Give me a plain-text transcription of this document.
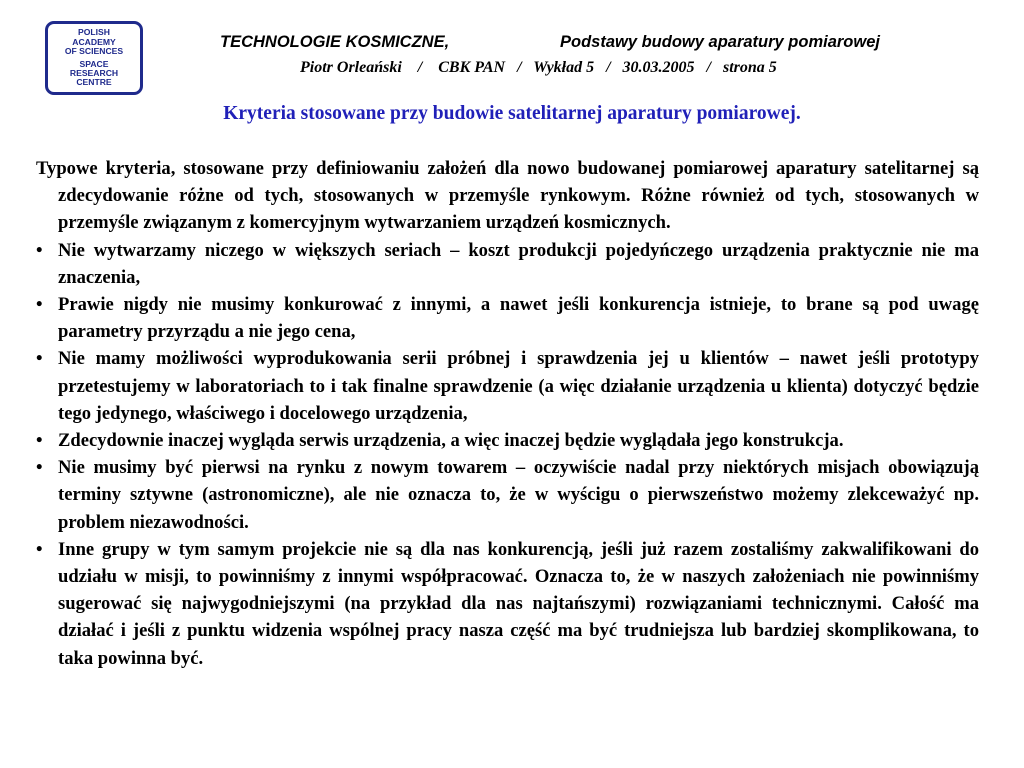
POLISH
ACADEMY
OF SCIENCES
SPACE
RESEARCH
CENTRE
TECHNOLOGIE KOSMICZNE,	Podstawy budowy aparatury pomiarowej
Piotr Orleański    /    CBK PAN   /   Wykład 5   /   30.03.2005   /   strona 5
Kryteria stosowane przy budowie satelitarnej aparatury pomiarowej.

Typowe kryteria, stosowane przy definiowaniu założeń dla nowo budowanej pomiarowej aparatury satelitarnej są zdecydowanie różne od tych, stosowanych w przemyśle rynkowym. Różne również od tych, stosowanych w przemyśle związanym z komercyjnym wytwarzaniem urządzeń kosmicznych.

• Nie wytwarzamy niczego w większych seriach – koszt produkcji pojedyńczego urządzenia praktycznie nie ma znaczenia,
• Prawie nigdy nie musimy konkurować z innymi, a nawet jeśli konkurencja istnieje, to brane są pod uwagę parametry przyrządu a nie jego cena,
• Nie mamy możliwości wyprodukowania serii próbnej i sprawdzenia jej u klientów – nawet jeśli prototypy przetestujemy w laboratoriach to i tak finalne sprawdzenie (a więc działanie urządzenia u klienta) dotyczyć będzie tego jedynego, właściwego i docelowego urządzenia,
• Zdecydownie inaczej wygląda serwis urządzenia, a więc inaczej będzie wyglądała jego konstrukcja.
• Nie musimy być pierwsi na rynku z nowym towarem – oczywiście nadal przy niektórych misjach obowiązują terminy sztywne (astronomiczne), ale nie oznacza to, że w wyścigu o pierwszeństwo możemy zlekceważyć np. problem niezawodności.
• Inne grupy w tym samym projekcie nie są dla nas konkurencją, jeśli już razem zostaliśmy zakwalifikowani do udziału w misji, to powinniśmy z innymi współpracować. Oznacza to, że w naszych założeniach nie powinniśmy sugerować się najwygodniejszymi (na przykład dla nas najtańszymi) rozwiązaniami technicznymi. Całość ma działać i jeśli z punktu widzenia wspólnej pracy nasza część ma być trudniejsza lub bardziej skomplikowana, to taka powinna być.
